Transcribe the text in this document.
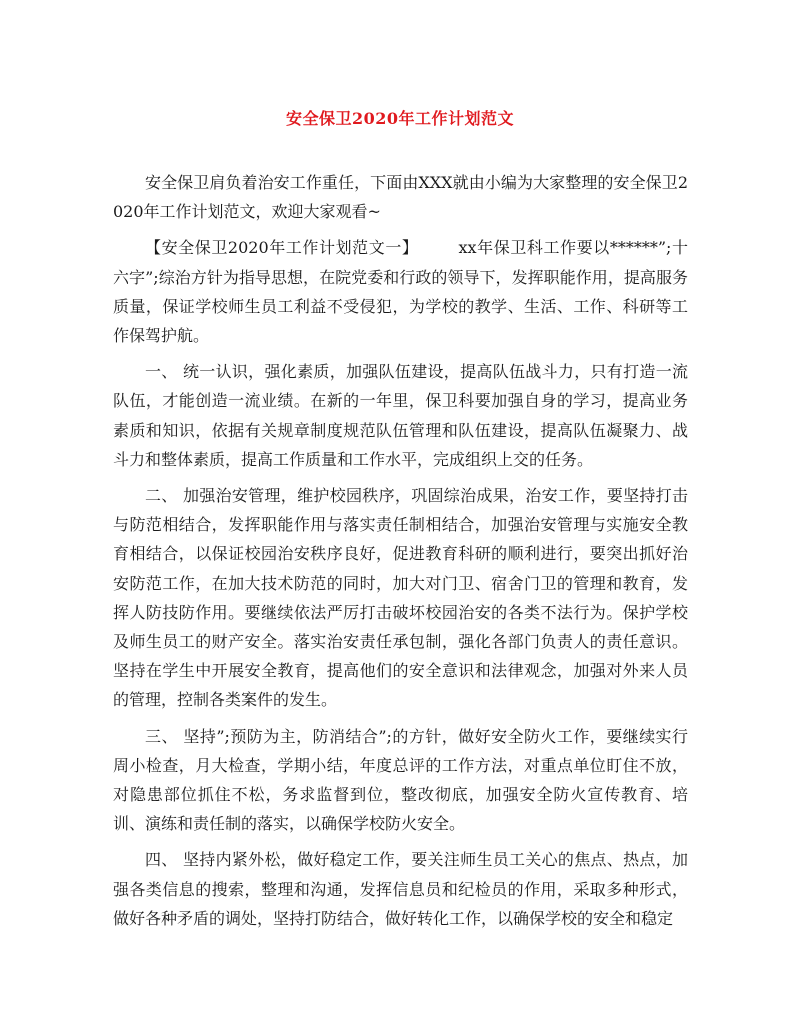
安全保卫2020年工作计划范文

安全保卫肩负着治安工作重任，下面由XXX就由小编为大家整理的安全保卫2020年工作计划范文，欢迎大家观看~

【安全保卫2020年工作计划范文一】	xx年保卫科工作要以******”;十六字”;综治方针为指导思想，在院党委和行政的领导下，发挥职能作用，提高服务质量，保证学校师生员工利益不受侵犯，为学校的教学、生活、工作、科研等工作保驾护航。

一、 统一认识，强化素质，加强队伍建设，提高队伍战斗力，只有打造一流队伍，才能创造一流业绩。在新的一年里，保卫科要加强自身的学习，提高业务素质和知识，依据有关规章制度规范队伍管理和队伍建设，提高队伍凝聚力、战斗力和整体素质，提高工作质量和工作水平，完成组织上交的任务。

二、 加强治安管理，维护校园秩序，巩固综治成果，治安工作，要坚持打击与防范相结合，发挥职能作用与落实责任制相结合，加强治安管理与实施安全教育相结合，以保证校园治安秩序良好，促进教育科研的顺利进行，要突出抓好治安防范工作，在加大技术防范的同时，加大对门卫、宿舍门卫的管理和教育，发挥人防技防作用。要继续依法严厉打击破坏校园治安的各类不法行为。保护学校及师生员工的财产安全。落实治安责任承包制，强化各部门负责人的责任意识。坚持在学生中开展安全教育，提高他们的安全意识和法律观念，加强对外来人员的管理，控制各类案件的发生。

三、 坚持”;预防为主，防消结合”;的方针，做好安全防火工作，要继续实行周小检查，月大检查，学期小结，年度总评的工作方法，对重点单位盯住不放，对隐患部位抓住不松，务求监督到位，整改彻底，加强安全防火宣传教育、培训、演练和责任制的落实，以确保学校防火安全。

四、 坚持内紧外松，做好稳定工作，要关注师生员工关心的焦点、热点，加强各类信息的搜索，整理和沟通，发挥信息员和纪检员的作用，采取多种形式，做好各种矛盾的调处，坚持打防结合，做好转化工作，以确保学校的安全和稳定
